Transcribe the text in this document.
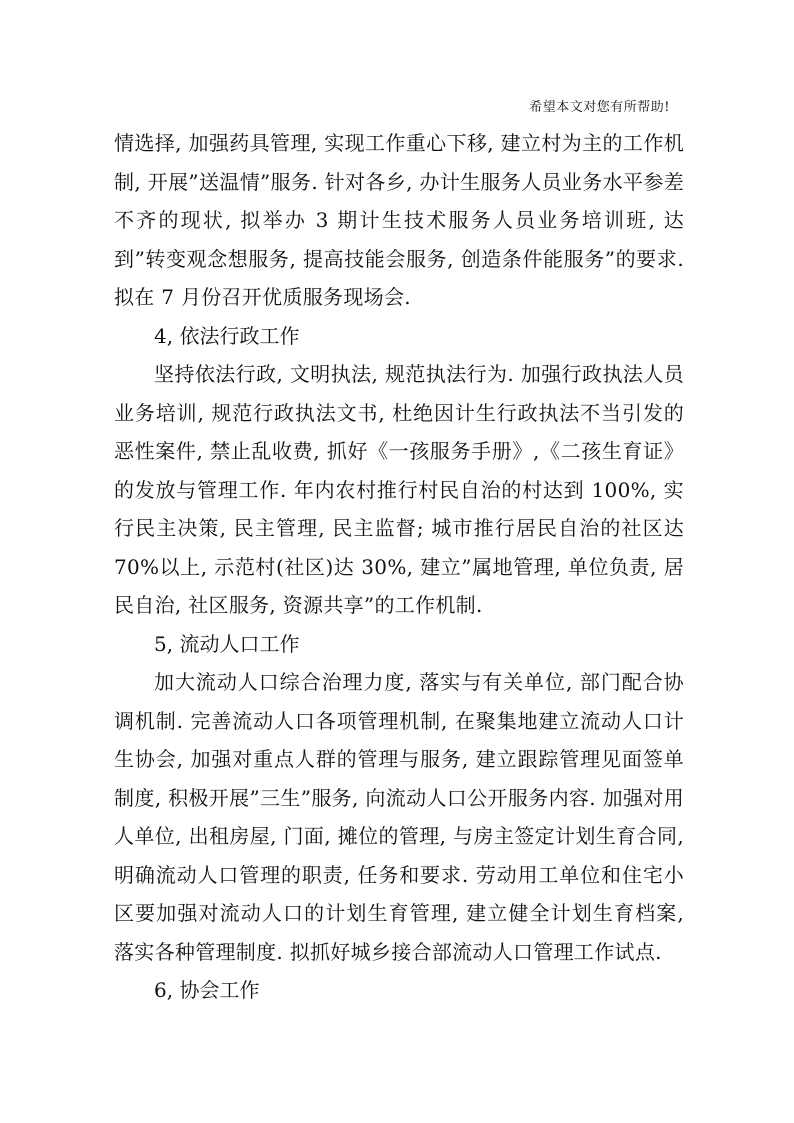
希望本文对您有所帮助!

情选择, 加强药具管理, 实现工作重心下移, 建立村为主的工作机制, 开展”送温情”服务. 针对各乡, 办计生服务人员业务水平参差不齐的现状, 拟举办 3 期计生技术服务人员业务培训班, 达到”转变观念想服务, 提高技能会服务, 创造条件能服务”的要求. 拟在 7 月份召开优质服务现场会.

4, 依法行政工作

坚持依法行政, 文明执法, 规范执法行为. 加强行政执法人员业务培训, 规范行政执法文书, 杜绝因计生行政执法不当引发的恶性案件, 禁止乱收费, 抓好《一孩服务手册》,《二孩生育证》的发放与管理工作. 年内农村推行村民自治的村达到 100%, 实行民主决策, 民主管理, 民主监督; 城市推行居民自治的社区达 70%以上, 示范村(社区)达 30%, 建立”属地管理, 单位负责, 居民自治, 社区服务, 资源共享”的工作机制.

5, 流动人口工作

加大流动人口综合治理力度, 落实与有关单位, 部门配合协调机制. 完善流动人口各项管理机制, 在聚集地建立流动人口计生协会, 加强对重点人群的管理与服务, 建立跟踪管理见面签单制度, 积极开展”三生”服务, 向流动人口公开服务内容. 加强对用人单位, 出租房屋, 门面, 摊位的管理, 与房主签定计划生育合同, 明确流动人口管理的职责, 任务和要求. 劳动用工单位和住宅小区要加强对流动人口的计划生育管理, 建立健全计划生育档案, 落实各种管理制度. 拟抓好城乡接合部流动人口管理工作试点.

6, 协会工作
